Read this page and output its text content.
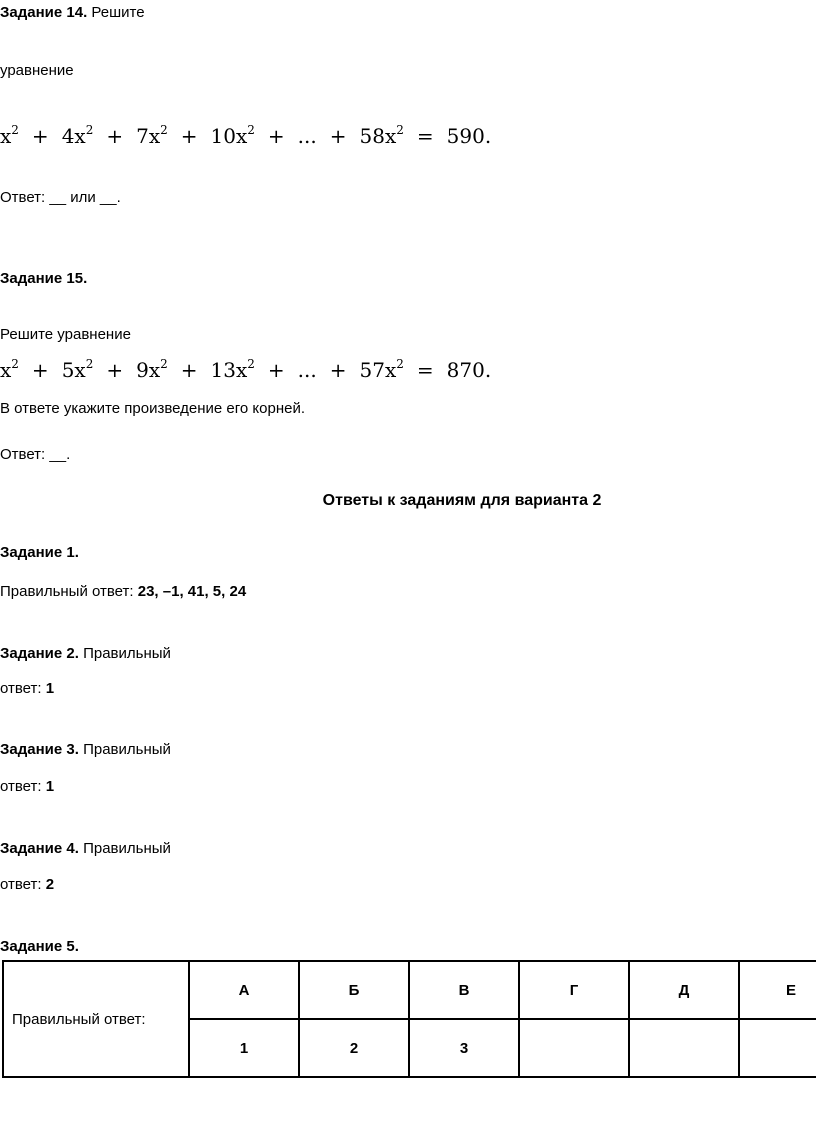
Задание 14. Решите
уравнение
$x^2 + 4x^2 + 7x^2 + 10x^2$ + ... + $58x^2 = 590$.
Ответ: __ или __.
Задание 15.
Решите уравнение
$x^2 + 5x^2 + 9x^2 + 13x^2$ + ... + $57x^2 = 870$.
В ответе укажите произведение его корней.
Ответ: __.
Ответы к заданиям для варианта 2
Задание 1.
Правильный ответ: 23, –1, 41, 5, 24
Задание 2. Правильный
ответ: 1
Задание 3. Правильный
ответ: 1
Задание 4. Правильный
ответ: 2
Задание 5.
Правильный ответ:	А	Б	В	Г	Д	Е
	1	2	3			
